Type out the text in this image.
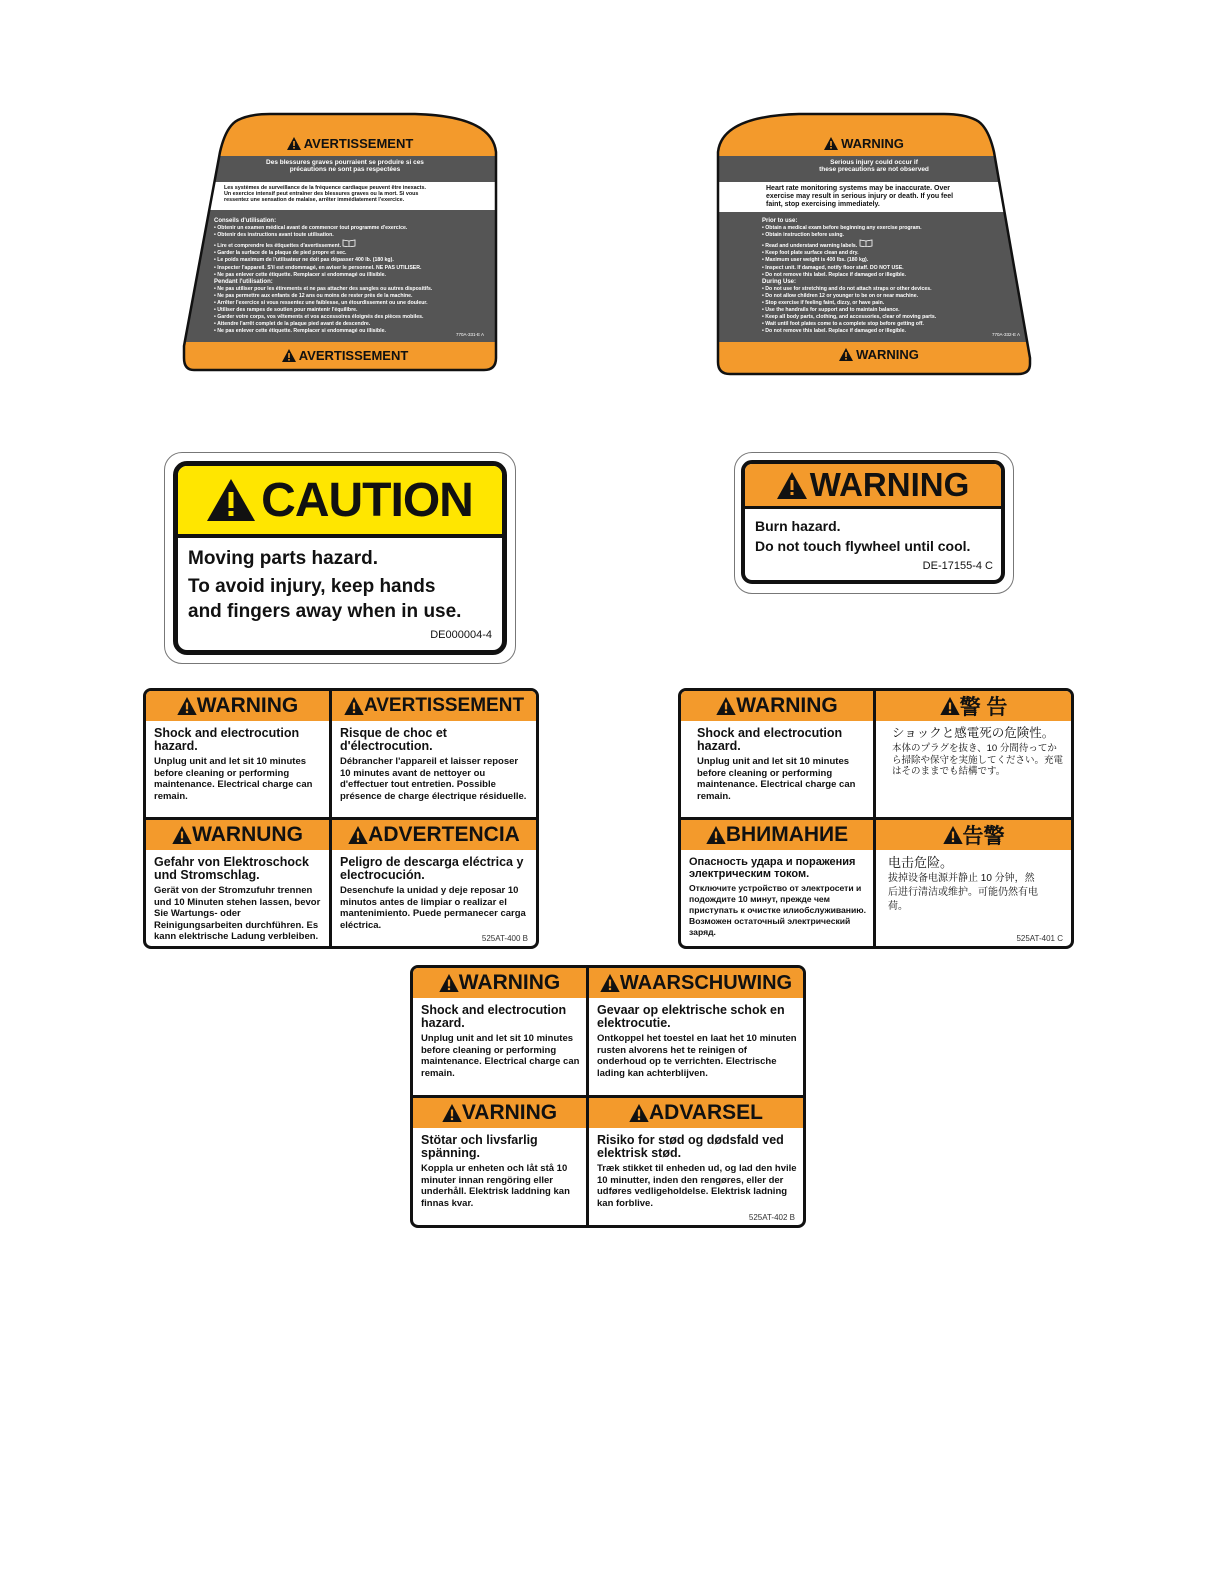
AVERTISSEMENT
Des blessures graves pourraient se produire si ces
précautions ne sont pas respectées
Les systèmes de surveillance de la fréquence cardiaque peuvent être inexacts.
Un exercice intensif peut entraîner des blessures graves ou la mort. Si vous
ressentez une sensation de malaise, arrêter immédiatement l'exercice.
Conseils d'utilisation:
• Obtenir un examen médical avant de commencer tout programme d'exercice.
• Obtenir des instructions avant toute utilisation.
• Lire et comprendre les étiquettes d'avertissement.
• Garder la surface de la plaque de pied propre et sec.
• Le poids maximum de l'utilisateur ne doit pas dépasser 400 lb. (180 kg).
• Inspecter l'appareil. S'il est endommagé, en aviser le personnel. NE PAS UTILISER.
• Ne pas enlever cette étiquette. Remplacer si endommagé ou illisible.
Pendant l'utilisation:
• Ne pas utiliser pour les étirements et ne pas attacher des sangles ou autres dispositifs.
• Ne pas permettre aux enfants de 12 ans ou moins de rester près de la machine.
• Arrêter l'exercice si vous ressentez une faiblesse, un étourdissement ou une douleur.
• Utiliser des rampes de soutien pour maintenir l'équilibre.
• Garder votre corps, vos vêtements et vos accessoires éloignés des pièces mobiles.
• Attendre l'arrêt complet de la plaque pied avant de descendre.
• Ne pas enlever cette étiquette. Remplacer si endommagé ou illisible.
770A-331-E A
AVERTISSEMENT
WARNING
Serious injury could occur if
these precautions are not observed
Heart rate monitoring systems may be inaccurate. Over
exercise may result in serious injury or death. If you feel
faint, stop exercising immediately.
Prior to use:
• Obtain a medical exam before beginning any exercise program.
• Obtain instruction before using.
• Read and understand warning labels.
• Keep foot plate surface clean and dry.
• Maximum user weight is 400 lbs. (180 kg).
• Inspect unit. If damaged, notify floor staff. DO NOT USE.
• Do not remove this label. Replace if damaged or illegible.
During Use:
• Do not use for stretching and do not attach straps or other devices.
• Do not allow children 12 or younger to be on or near machine.
• Stop exercise if feeling faint, dizzy, or have pain.
• Use the handrails for support and to maintain balance.
• Keep all body parts, clothing, and accessories, clear of moving parts.
• Wait until foot plates come to a complete stop before getting off.
• Do not remove this label. Replace if damaged or illegible.
770A-332-E A
WARNING
CAUTION
Moving parts hazard.
To avoid injury, keep hands
and fingers away when in use.
DE000004-4
WARNING
Burn hazard.
Do not touch flywheel until cool.
DE-17155-4 C
WARNING
Shock and electrocution hazard.
Unplug unit and let sit 10 minutes before cleaning or performing maintenance. Electrical charge can remain.
AVERTISSEMENT
Risque de choc et d'électrocution.
Débrancher l'appareil et laisser reposer 10 minutes avant de nettoyer ou d'effectuer tout entretien. Possible présence de charge électrique résiduelle.
WARNUNG
Gefahr von Elektroschock und Stromschlag.
Gerät von der Stromzufuhr trennen und 10 Minuten stehen lassen, bevor Sie Wartungs- oder Reinigungsarbeiten durchführen. Es kann elektrische Ladung verbleiben.
ADVERTENCIA
Peligro de descarga eléctrica y electrocución.
Desenchufe la unidad y deje reposar 10 minutos antes de limpiar o realizar el mantenimiento. Puede permanecer carga eléctrica.
525AT-400 B
WARNING
Shock and electrocution hazard.
Unplug unit and let sit 10 minutes before cleaning or performing maintenance. Electrical charge can remain.
警 告
ショックと感電死の危険性。
本体のプラグを抜き、10 分間待ってから掃除や保守を実施してください。充電はそのままでも結構です。
ВНИМАНИЕ
Опасность удара и поражения электрическим током.
Отключите устройство от электросети и подождите 10 минут, прежде чем приступать к очистке илиобслуживанию. Возможен остаточный электрический заряд.
告警
电击危险。
拔掉设备电源并静止 10 分钟，然后进行清洁或维护。可能仍然有电荷。
525AT-401 C
WARNING
Shock and electrocution hazard.
Unplug unit and let sit 10 minutes before cleaning or performing maintenance. Electrical charge can remain.
WAARSCHUWING
Gevaar op elektrische schok en elektrocutie.
Ontkoppel het toestel en laat het 10 minuten rusten alvorens het te reinigen of onderhoud op te verrichten. Electrische lading kan achterblijven.
VARNING
Stötar och livsfarlig spänning.
Koppla ur enheten och låt stå 10 minuter innan rengöring eller underhåll. Elektrisk laddning kan finnas kvar.
ADVARSEL
Risiko for stød og dødsfald ved elektrisk stød.
Træk stikket til enheden ud, og lad den hvile 10 minutter, inden den rengøres, eller der udføres vedligeholdelse. Elektrisk ladning kan forblive.
525AT-402 B
